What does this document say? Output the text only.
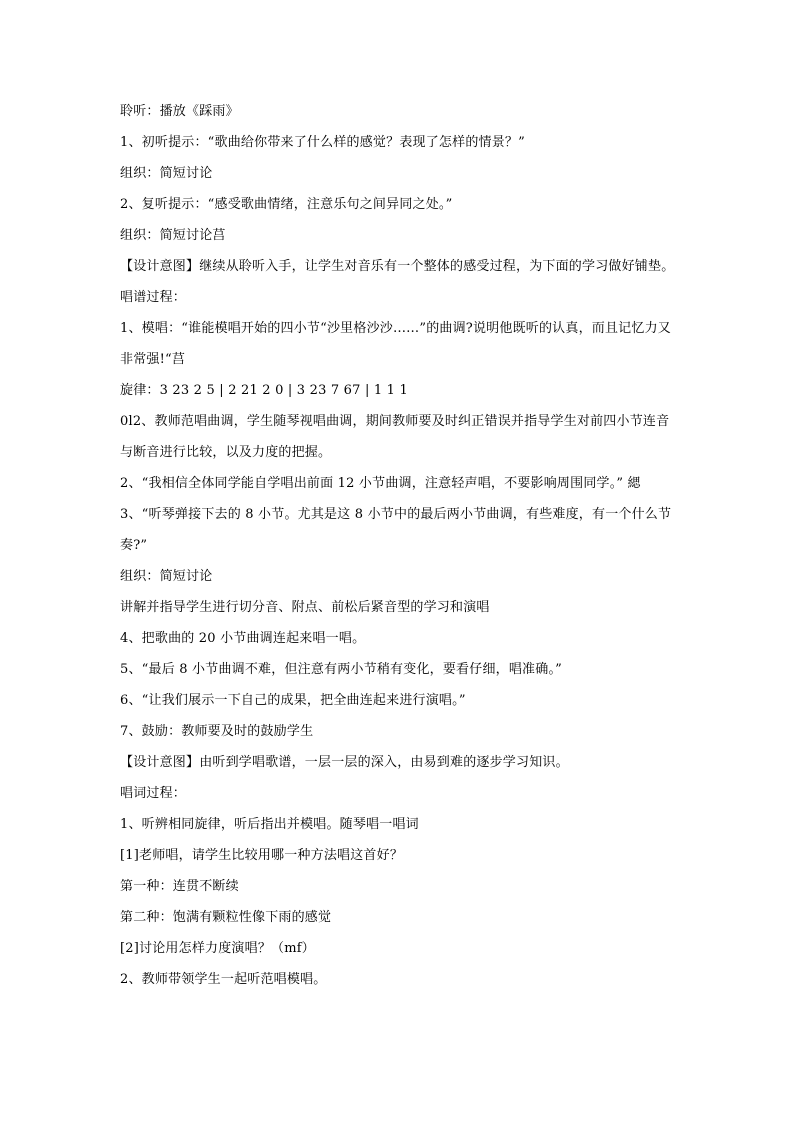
聆听：播放《踩雨》
1、初听提示：“歌曲给你带来了什么样的感觉？表现了怎样的情景？”
组织：简短讨论
2、复听提示：“感受歌曲情绪，注意乐句之间异同之处。”
组织：简短讨论莒
【设计意图】继续从聆听入手，让学生对音乐有一个整体的感受过程，为下面的学习做好铺垫。
唱谱过程：
1、模唱：“谁能模唱开始的四小节“沙里格沙沙……”的曲调?说明他既听的认真，而且记忆力又非常强!“莒
旋律：3 23 2 5 | 2 21 2 0 | 3 23 7 67 | 1 1 1
0l2、教师范唱曲调，学生随琴视唱曲调，期间教师要及时纠正错误并指导学生对前四小节连音与断音进行比较，以及力度的把握。
2、“我相信全体同学能自学唱出前面 12 小节曲调，注意轻声唱，不要影响周围同学。” 緦
3、“听琴弹接下去的 8 小节。尤其是这 8 小节中的最后两小节曲调，有些难度，有一个什么节奏?”
组织：简短讨论
讲解并指导学生进行切分音、附点、前松后紧音型的学习和演唱
4、把歌曲的 20 小节曲调连起来唱一唱。
5、“最后 8 小节曲调不难，但注意有两小节稍有变化，要看仔细，唱准确。”
6、“让我们展示一下自己的成果，把全曲连起来进行演唱。”
7、鼓励：教师要及时的鼓励学生
【设计意图】由听到学唱歌谱，一层一层的深入，由易到难的逐步学习知识。
唱词过程：
1、听辨相同旋律，听后指出并模唱。随琴唱一唱词
[1]老师唱，请学生比较用哪一种方法唱这首好？
第一种：连贯不断续
第二种：饱满有颗粒性像下雨的感觉
[2]讨论用怎样力度演唱？（mf）
2、教师带领学生一起听范唱模唱。
